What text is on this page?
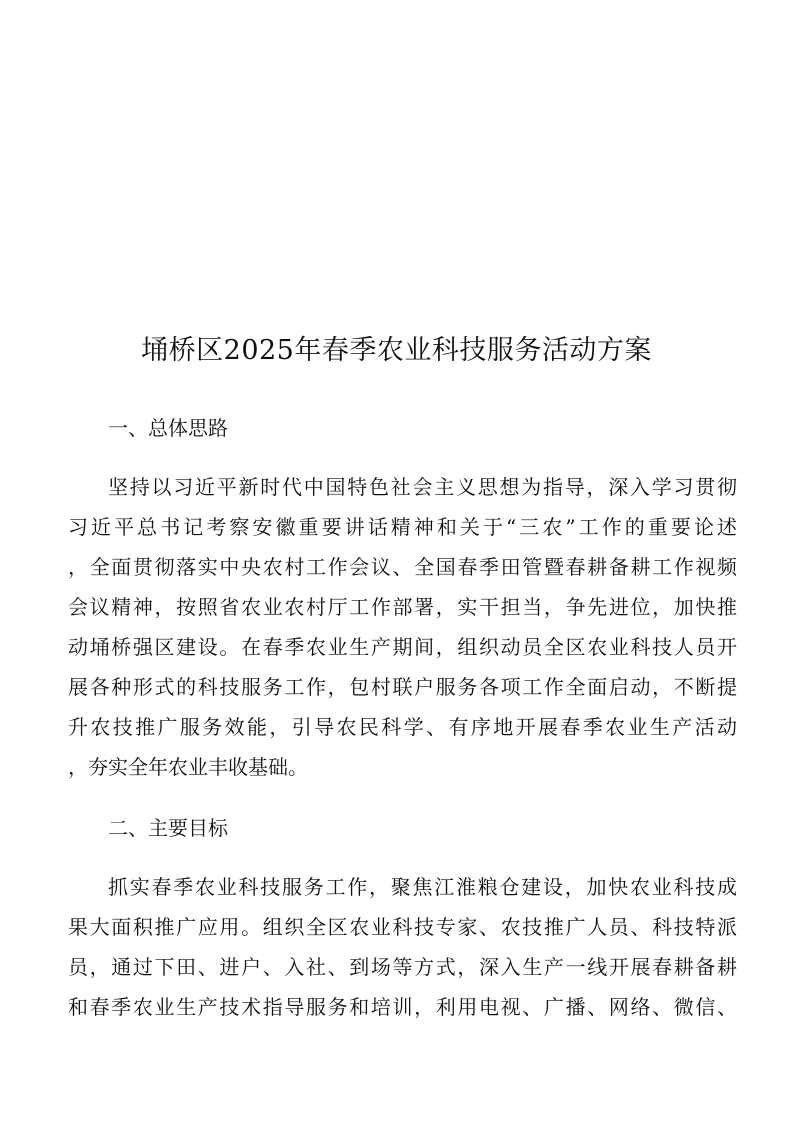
埇桥区2025年春季农业科技服务活动方案
一、总体思路
坚持以习近平新时代中国特色社会主义思想为指导，深入学习贯彻
习近平总书记考察安徽重要讲话精神和关于“三农”工作的重要论述
，全面贯彻落实中央农村工作会议、全国春季田管暨春耕备耕工作视频
会议精神，按照省农业农村厅工作部署，实干担当，争先进位，加快推
动埇桥强区建设。在春季农业生产期间，组织动员全区农业科技人员开
展各种形式的科技服务工作，包村联户服务各项工作全面启动，不断提
升农技推广服务效能，引导农民科学、有序地开展春季农业生产活动
，夯实全年农业丰收基础。
二、主要目标
抓实春季农业科技服务工作，聚焦江淮粮仓建设，加快农业科技成
果大面积推广应用。组织全区农业科技专家、农技推广人员、科技特派
员，通过下田、进户、入社、到场等方式，深入生产一线开展春耕备耕
和春季农业生产技术指导服务和培训，利用电视、广播、网络、微信、
